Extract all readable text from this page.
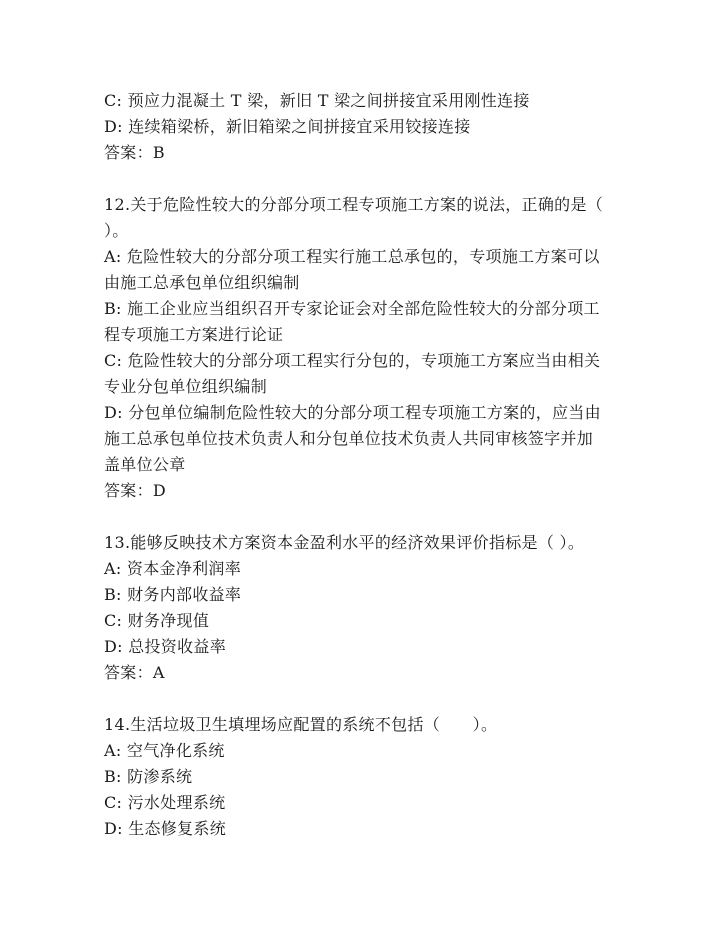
C: 预应力混凝土 T 梁，新旧 T 梁之间拼接宜采用刚性连接
D: 连续箱梁桥，新旧箱梁之间拼接宜采用铰接连接
答案：B
12.关于危险性较大的分部分项工程专项施工方案的说法，正确的是（
）。
A: 危险性较大的分部分项工程实行施工总承包的，专项施工方案可以
由施工总承包单位组织编制
B: 施工企业应当组织召开专家论证会对全部危险性较大的分部分项工
程专项施工方案进行论证
C: 危险性较大的分部分项工程实行分包的，专项施工方案应当由相关
专业分包单位组织编制
D: 分包单位编制危险性较大的分部分项工程专项施工方案的，应当由
施工总承包单位技术负责人和分包单位技术负责人共同审核签字并加
盖单位公章
答案：D
13.能够反映技术方案资本金盈利水平的经济效果评价指标是（ ）。
A: 资本金净利润率
B: 财务内部收益率
C: 财务净现值
D: 总投资收益率
答案：A
14.生活垃圾卫生填埋场应配置的系统不包括（　　）。
A: 空气净化系统
B: 防渗系统
C: 污水处理系统
D: 生态修复系统
